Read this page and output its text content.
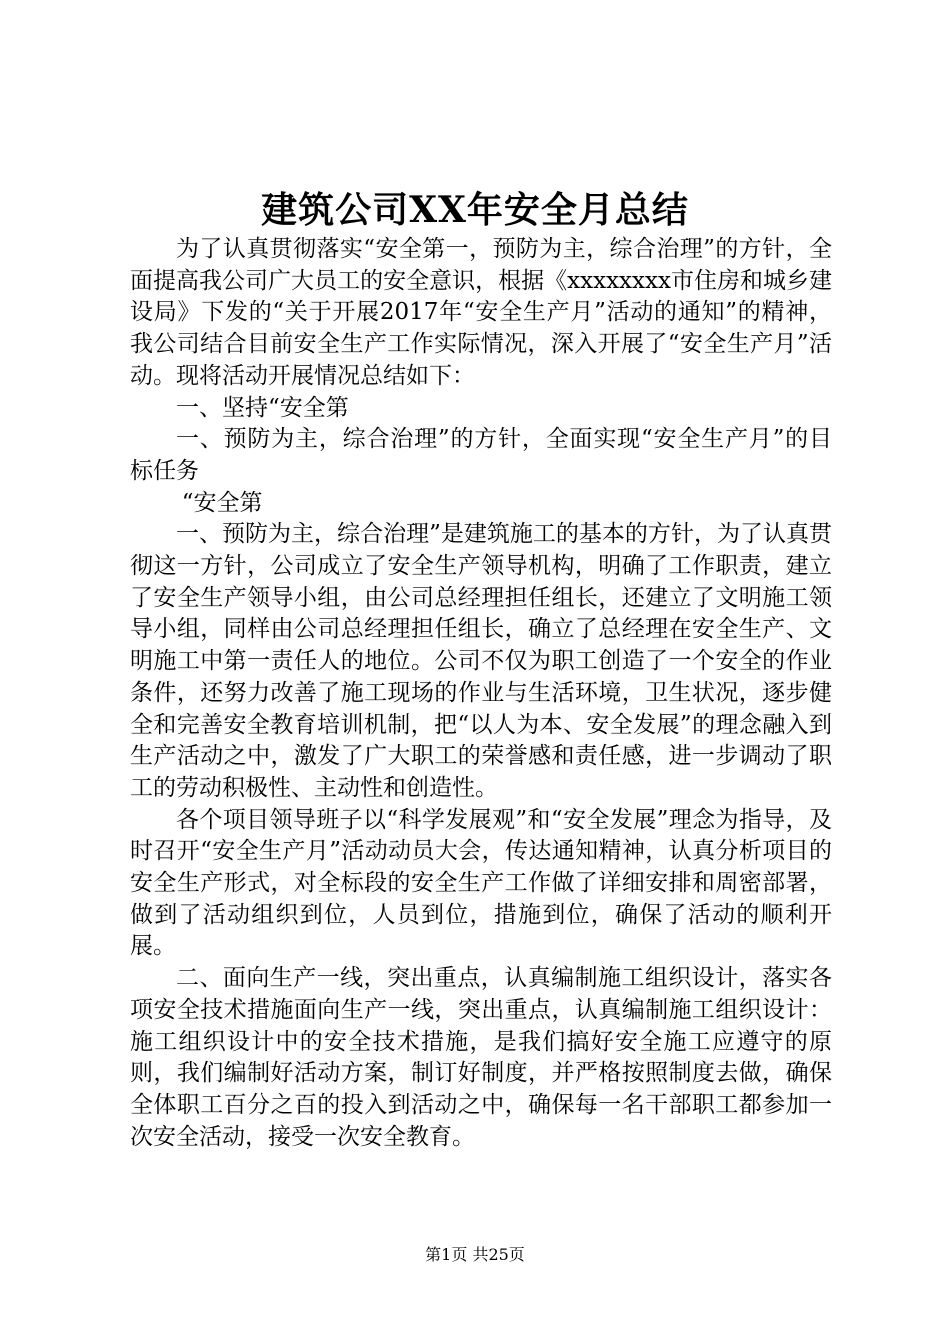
建筑公司XX年安全月总结

为了认真贯彻落实“安全第一，预防为主，综合治理”的方针，全面提高我公司广大员工的安全意识，根据《xxxxxxxx市住房和城乡建设局》下发的“关于开展2017年“安全生产月”活动的通知”的精神，我公司结合目前安全生产工作实际情况，深入开展了“安全生产月”活动。现将活动开展情况总结如下：

一、坚持“安全第

一、预防为主，综合治理”的方针，全面实现“安全生产月”的目标任务

“安全第

一、预防为主，综合治理”是建筑施工的基本的方针，为了认真贯彻这一方针，公司成立了安全生产领导机构，明确了工作职责，建立了安全生产领导小组，由公司总经理担任组长，还建立了文明施工领导小组，同样由公司总经理担任组长，确立了总经理在安全生产、文明施工中第一责任人的地位。公司不仅为职工创造了一个安全的作业条件，还努力改善了施工现场的作业与生活环境，卫生状况，逐步健全和完善安全教育培训机制，把“以人为本、安全发展”的理念融入到生产活动之中，激发了广大职工的荣誉感和责任感，进一步调动了职工的劳动积极性、主动性和创造性。

各个项目领导班子以“科学发展观”和“安全发展”理念为指导，及时召开“安全生产月”活动动员大会，传达通知精神，认真分析项目的安全生产形式，对全标段的安全生产工作做了详细安排和周密部署，做到了活动组织到位，人员到位，措施到位，确保了活动的顺利开展。

二、面向生产一线，突出重点，认真编制施工组织设计，落实各项安全技术措施面向生产一线，突出重点，认真编制施工组织设计：施工组织设计中的安全技术措施，是我们搞好安全施工应遵守的原则，我们编制好活动方案，制订好制度，并严格按照制度去做，确保全体职工百分之百的投入到活动之中，确保每一名干部职工都参加一次安全活动，接受一次安全教育。

第1页 共25页
